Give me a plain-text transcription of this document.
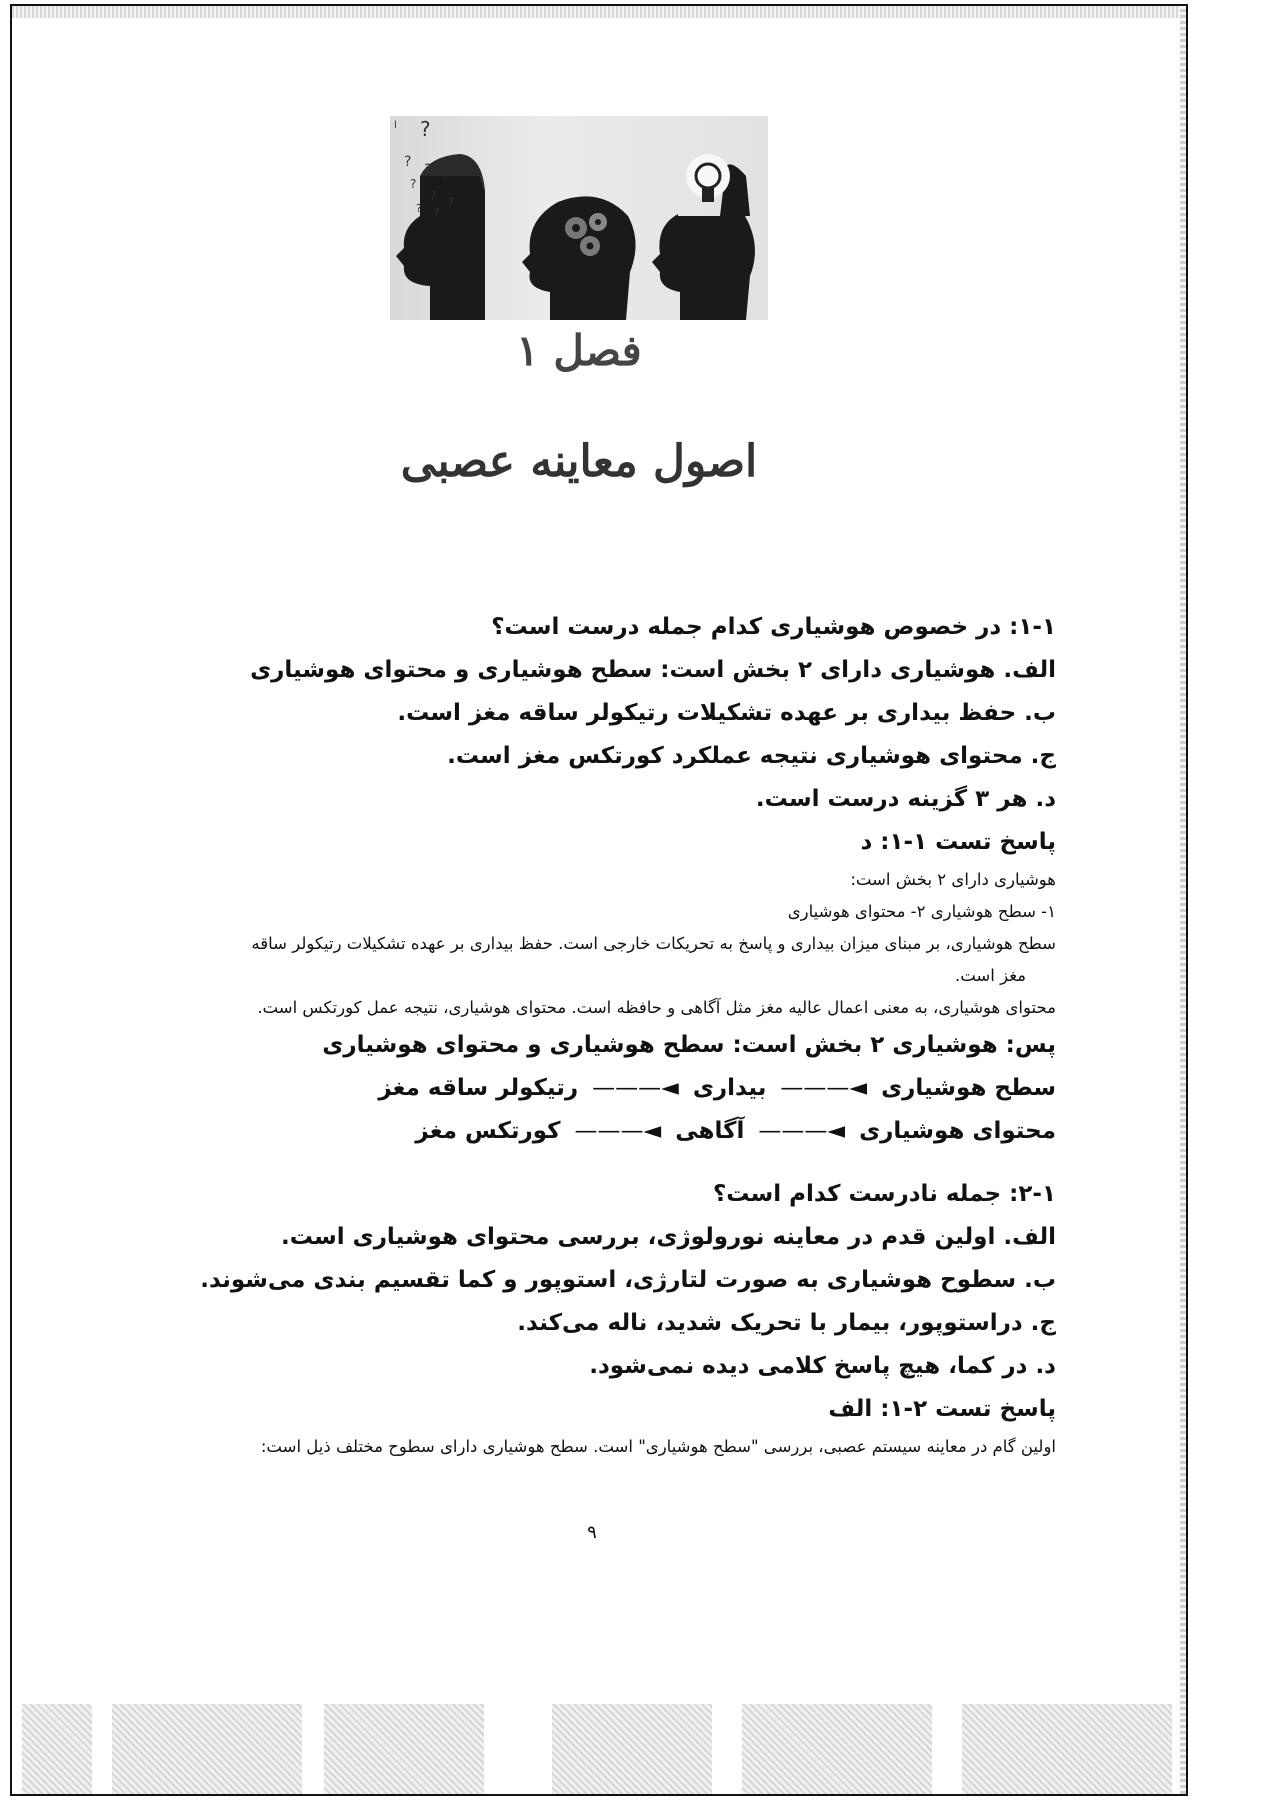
?
? ? ?
?
? ?
? ?
l
فصل ۱
اصول معاینه عصبی
۱-۱: در خصوص هوشیاری کدام جمله درست است؟
الف. هوشیاری دارای ۲ بخش است: سطح هوشیاری و محتوای هوشیاری
ب. حفظ بیداری بر عهده تشکیلات رتیکولر ساقه مغز است.
ج. محتوای هوشیاری نتیجه عملکرد کورتکس مغز است.
د. هر ۳ گزینه درست است.
پاسخ تست ۱-۱: د
هوشیاری دارای ۲ بخش است:
۱- سطح هوشیاری ۲- محتوای هوشیاری
سطح هوشیاری، بر مبنای میزان بیداری و پاسخ به تحریکات خارجی است. حفظ بیداری بر عهده تشکیلات رتیکولر ساقه
مغز است.
محتوای هوشیاری، به معنی اعمال عالیه مغز مثل آگاهی و حافظه است. محتوای هوشیاری، نتیجه عمل کورتکس است.
پس: هوشیاری ۲ بخش است: سطح هوشیاری و محتوای هوشیاری
سطح هوشیاری◄———بیداری◄———رتیکولر ساقه مغز
محتوای هوشیاری◄———آگاهی◄———کورتکس مغز
۲-۱: جمله نادرست کدام است؟
الف. اولین قدم در معاینه نورولوژی، بررسی محتوای هوشیاری است.
ب. سطوح هوشیاری به صورت لتارژی، استوپور و کما تقسیم بندی می‌شوند.
ج. دراستوپور، بیمار با تحریک شدید، ناله می‌کند.
د. در کما، هیچ پاسخ کلامی دیده نمی‌شود.
پاسخ تست ۲-۱: الف
اولین گام در معاینه سیستم عصبی، بررسی "سطح هوشیاری" است. سطح هوشیاری دارای سطوح مختلف ذیل است:
۹
